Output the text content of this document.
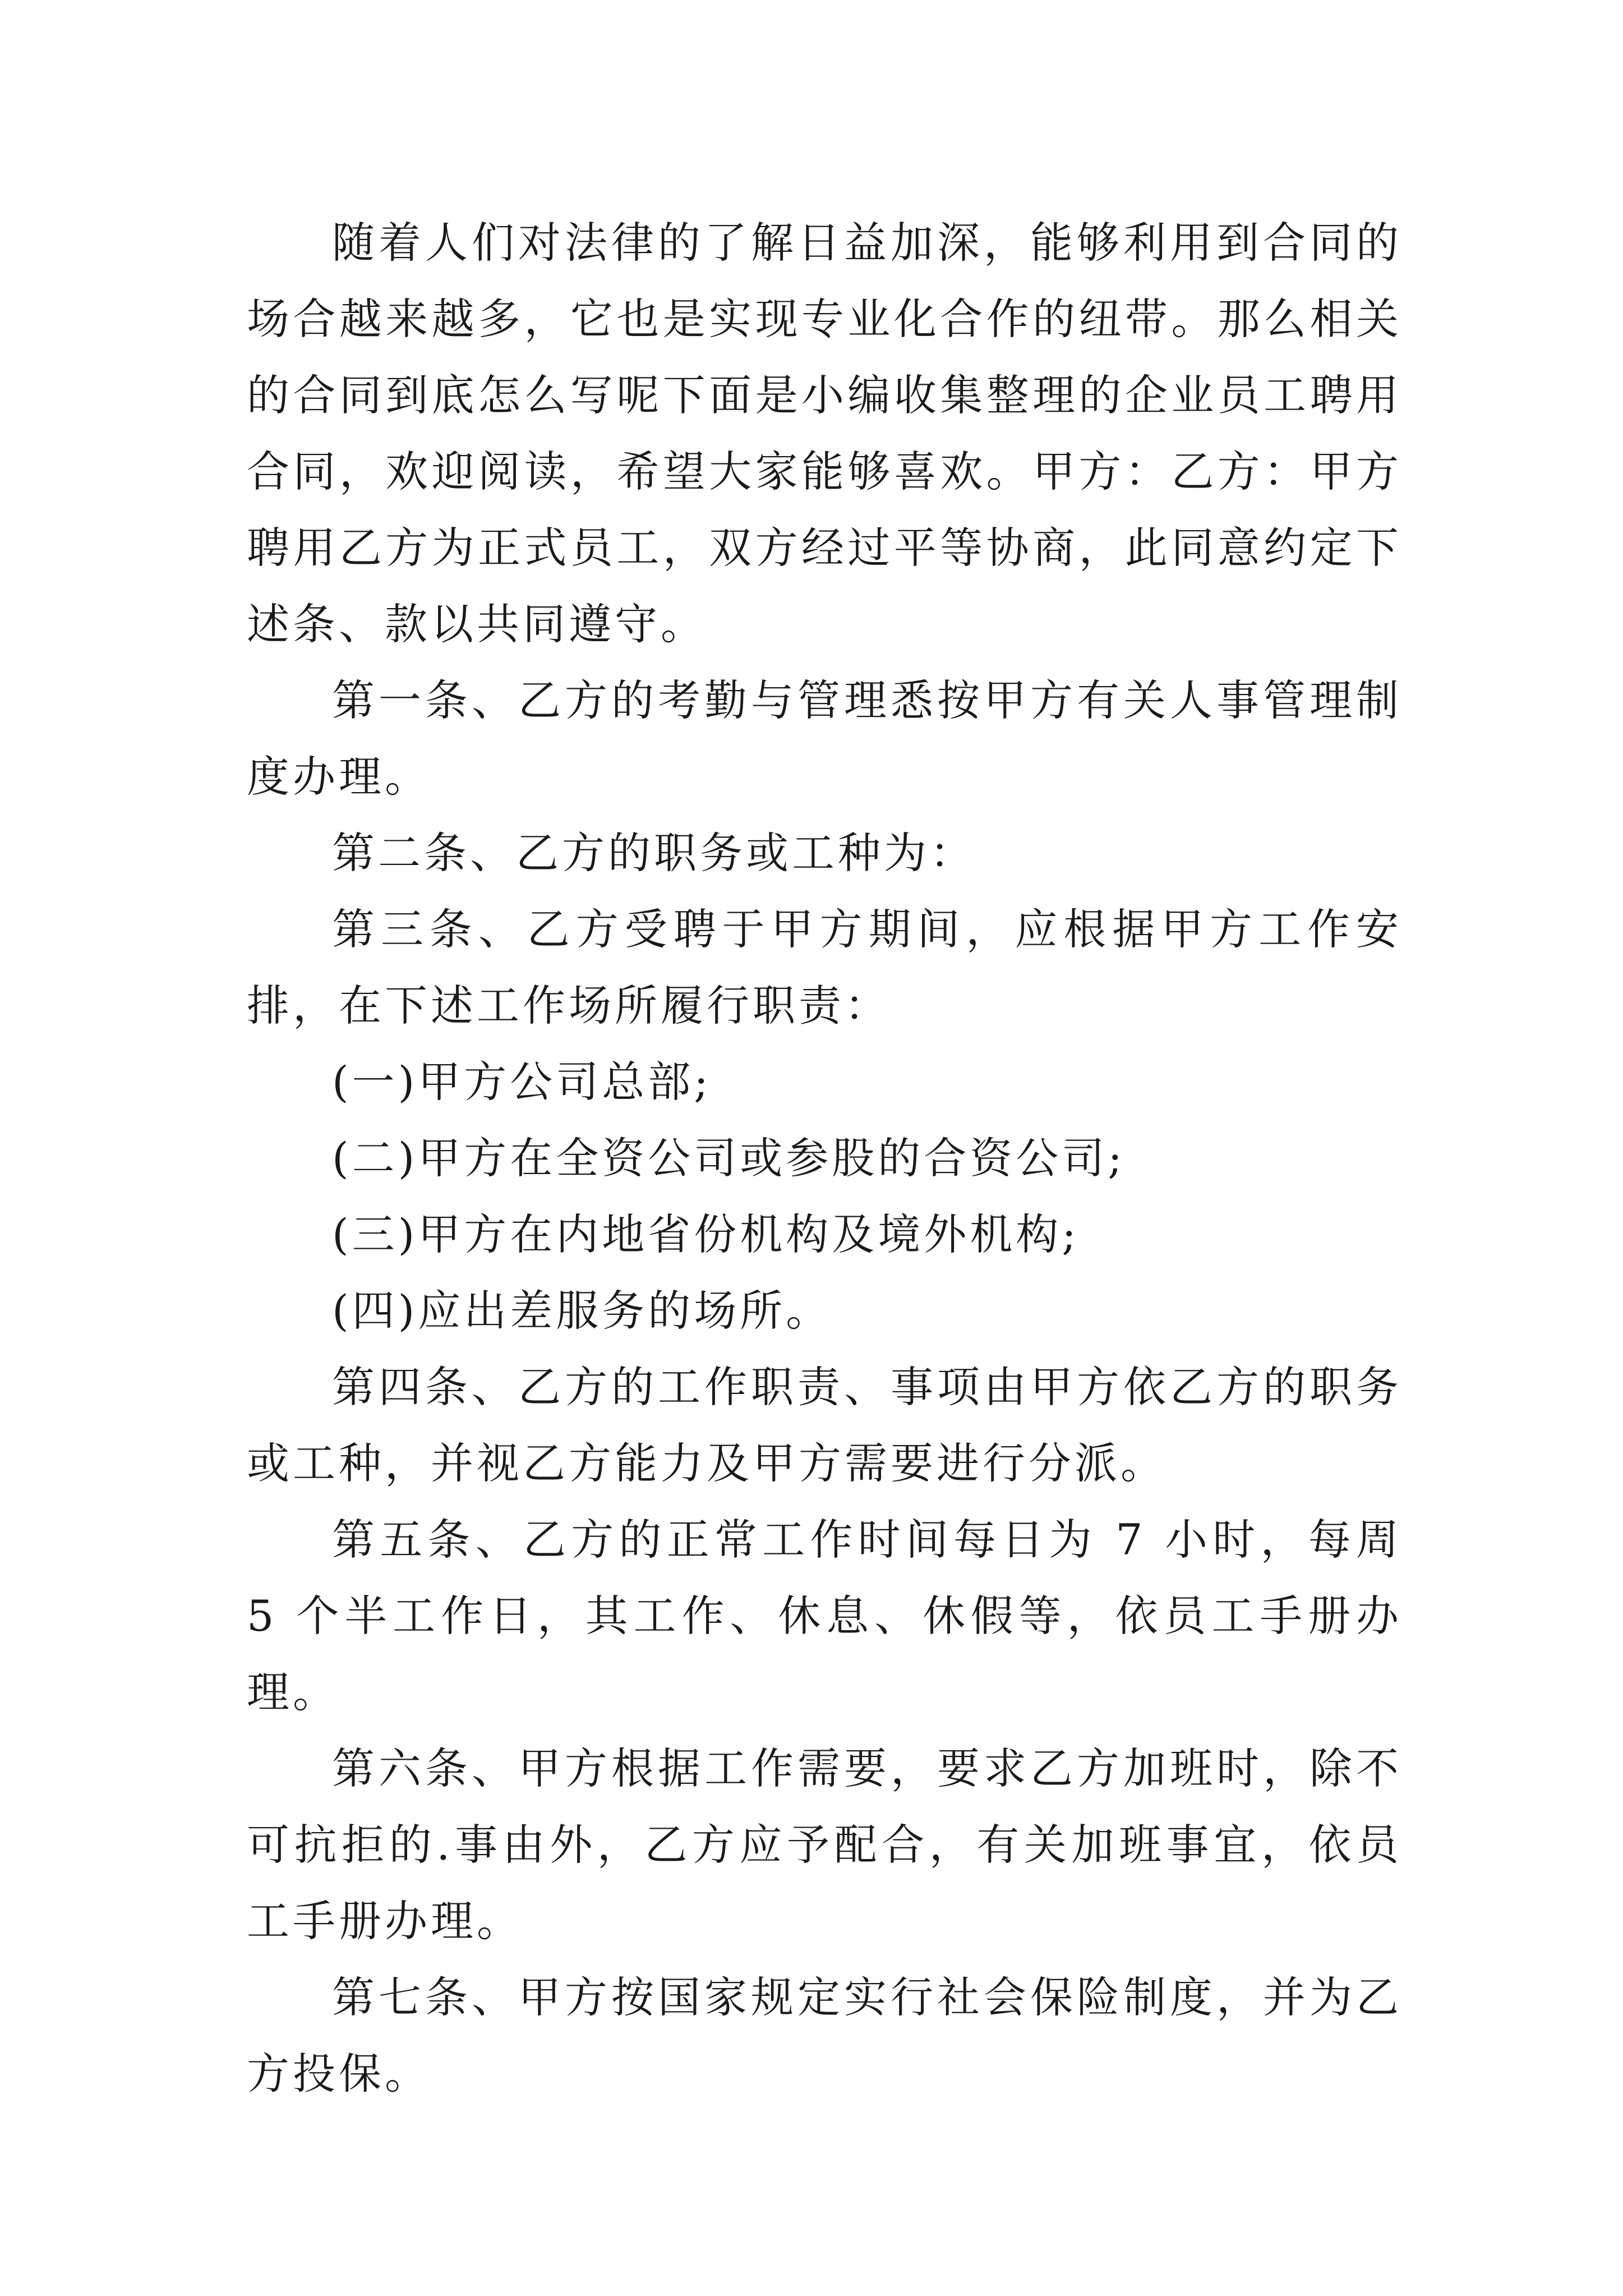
随着人们对法律的了解日益加深，能够利用到合同的场合越来越多，它也是实现专业化合作的纽带。那么相关的合同到底怎么写呢下面是小编收集整理的企业员工聘用合同，欢迎阅读，希望大家能够喜欢。甲方：乙方：甲方聘用乙方为正式员工，双方经过平等协商，此同意约定下述条、款以共同遵守。

第一条、乙方的考勤与管理悉按甲方有关人事管理制度办理。

第二条、乙方的职务或工种为：

第三条、乙方受聘于甲方期间，应根据甲方工作安排，在下述工作场所履行职责：

(一)甲方公司总部;

(二)甲方在全资公司或参股的合资公司;

(三)甲方在内地省份机构及境外机构;

(四)应出差服务的场所。

第四条、乙方的工作职责、事项由甲方依乙方的职务或工种，并视乙方能力及甲方需要进行分派。

第五条、乙方的正常工作时间每日为 7 小时，每周 5 个半工作日，其工作、休息、休假等，依员工手册办理。

第六条、甲方根据工作需要，要求乙方加班时，除不可抗拒的.事由外，乙方应予配合，有关加班事宜，依员工手册办理。

第七条、甲方按国家规定实行社会保险制度，并为乙方投保。
